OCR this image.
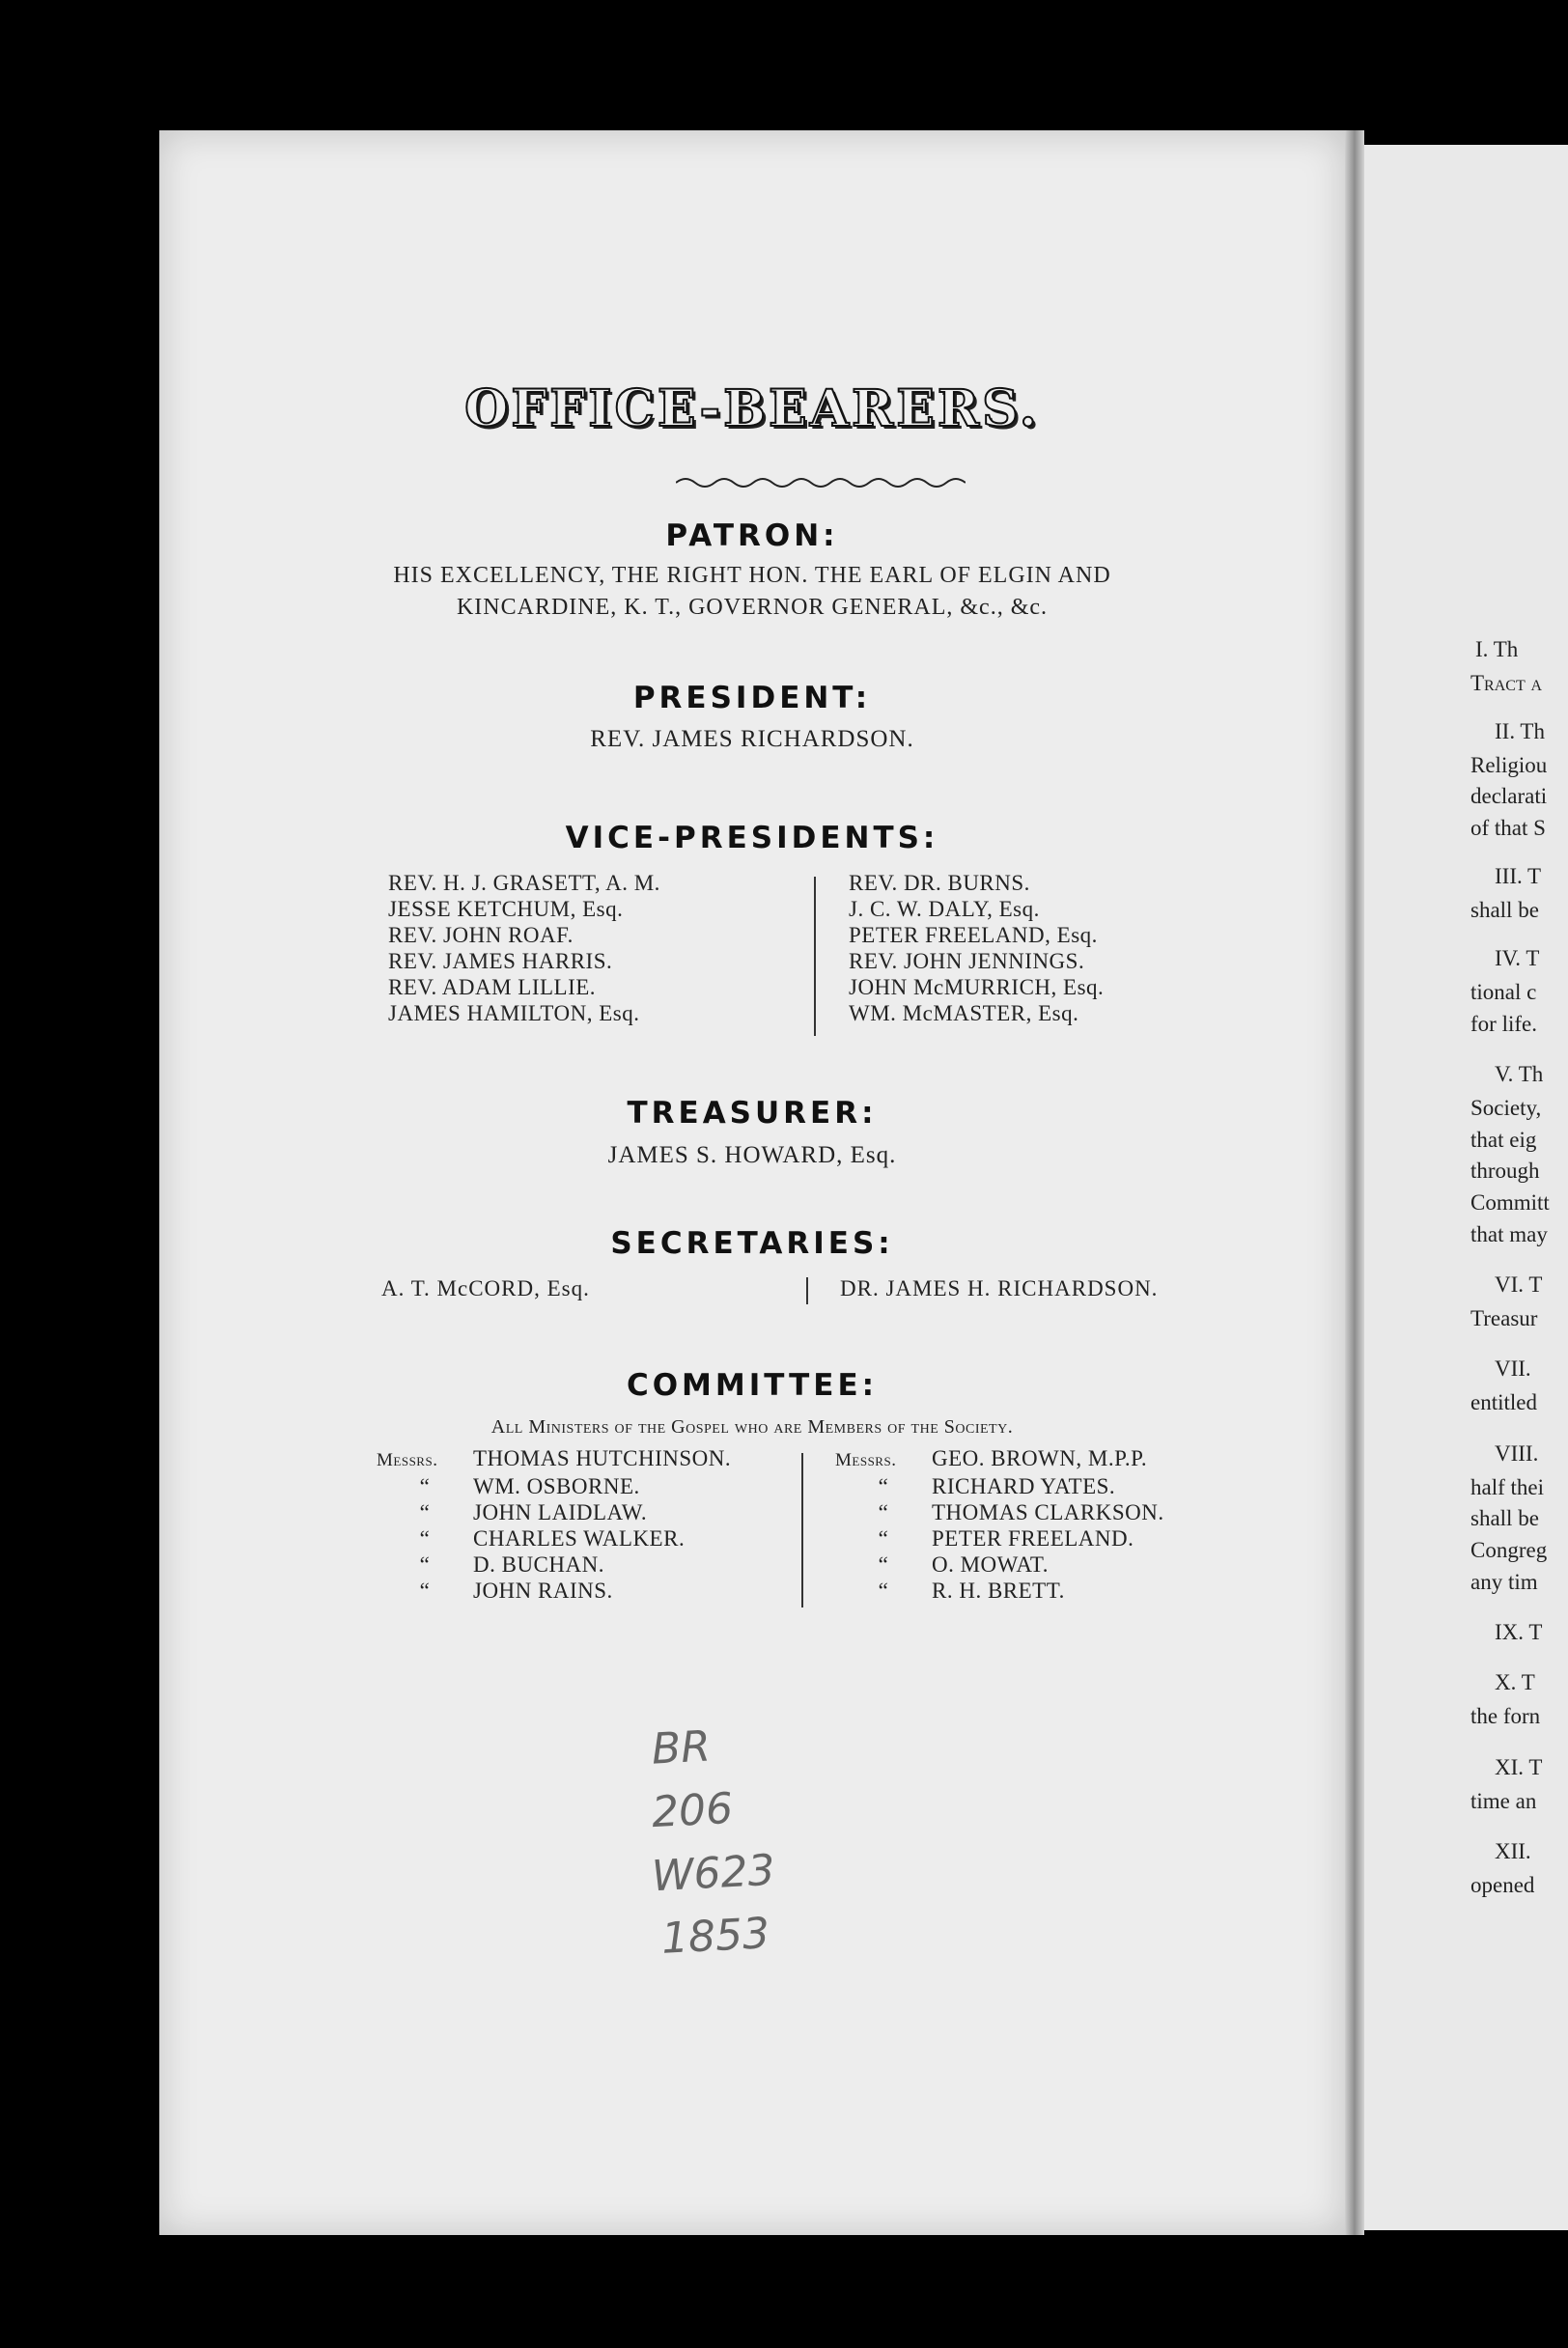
OFFICE-BEARERS.
PATRON:
HIS EXCELLENCY, THE RIGHT HON. THE EARL OF ELGIN AND
KINCARDINE, K. T., GOVERNOR GENERAL, &c., &c.
PRESIDENT:
REV. JAMES RICHARDSON.
VICE-PRESIDENTS:
REV. H. J. GRASETT, A. M.
JESSE KETCHUM, Esq.
REV. JOHN ROAF.
REV. JAMES HARRIS.
REV. ADAM LILLIE.
JAMES HAMILTON, Esq.
REV. DR. BURNS.
J. C. W. DALY, Esq.
PETER FREELAND, Esq.
REV. JOHN JENNINGS.
JOHN McMURRICH, Esq.
WM. McMASTER, Esq.
TREASURER:
JAMES S. HOWARD, Esq.
SECRETARIES:
A. T. McCORD, Esq.	DR. JAMES H. RICHARDSON.
COMMITTEE:
All Ministers of the Gospel who are Members of the Society.
Messrs. THOMAS HUTCHINSON.
“ WM. OSBORNE.
“ JOHN LAIDLAW.
“ CHARLES WALKER.
“ D. BUCHAN.
“ JOHN RAINS.
Messrs. GEO. BROWN, M.P.P.
“ RICHARD YATES.
“ THOMAS CLARKSON.
“ PETER FREELAND.
“ O. MOWAT.
“ R. H. BRETT.
BR
206
W623
1853
I. Th
Tract a
II. Th
Religiou
declarati
of that S
III. T
shall be
IV. T
tional c
for life.
V. Th
Society,
that eig
through
Committ
that may
VI. T
Treasur
VII.
entitled
VIII.
half thei
shall be
Congreg
any tim
IX. T
X. T
the forn
XI. T
time an
XII.
opened
